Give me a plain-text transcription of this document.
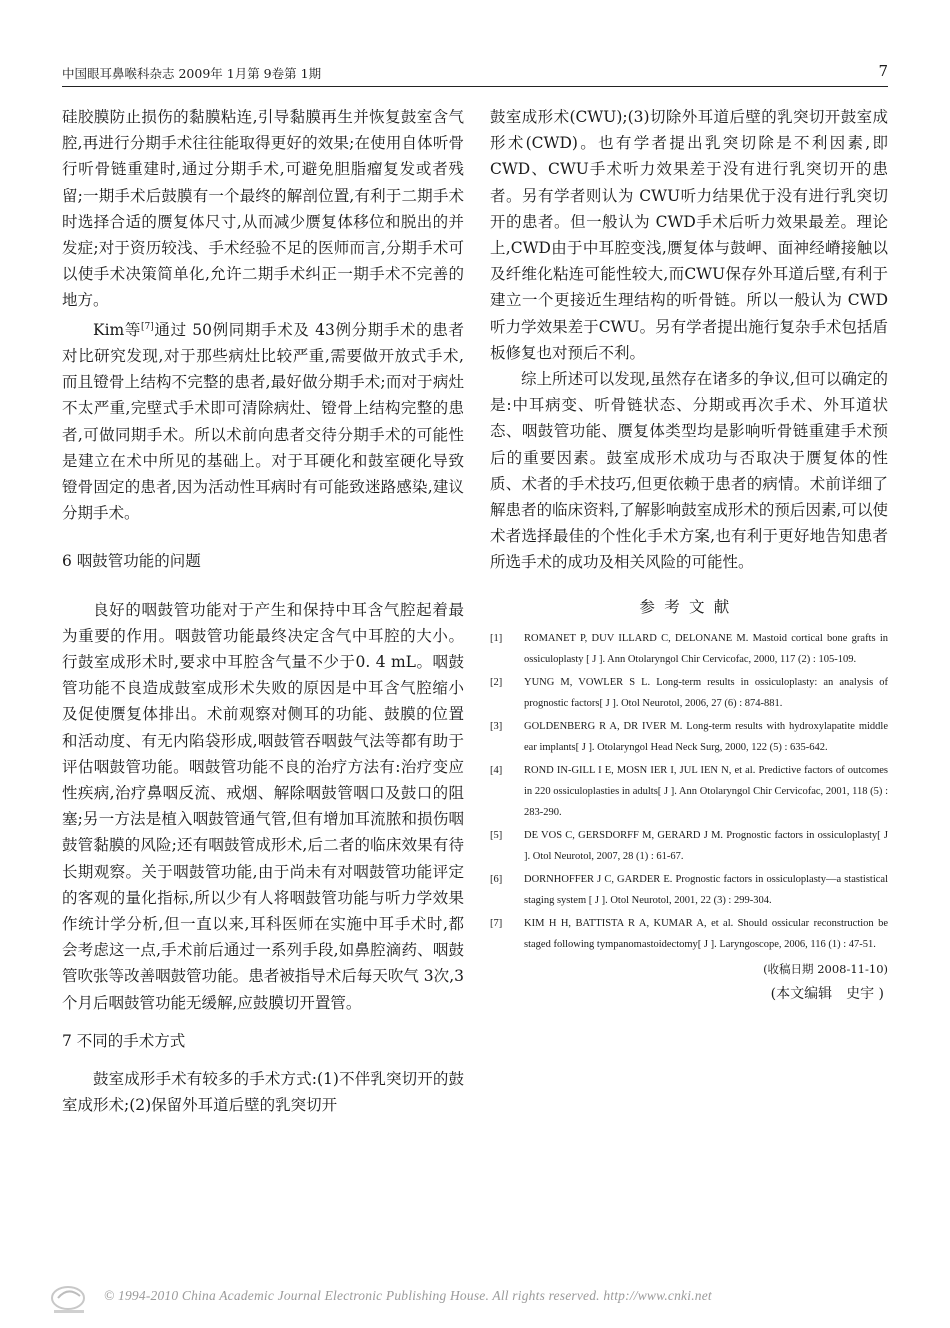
中国眼耳鼻喉科杂志 2009年 1月第 9卷第 1期	7

硅胶膜防止损伤的黏膜粘连,引导黏膜再生并恢复鼓室含气腔,再进行分期手术往往能取得更好的效果;在使用自体听骨行听骨链重建时,通过分期手术,可避免胆脂瘤复发或者残留;一期手术后鼓膜有一个最终的解剖位置,有利于二期手术时选择合适的赝复体尺寸,从而减少赝复体移位和脱出的并发症;对于资历较浅、手术经验不足的医师而言,分期手术可以使手术决策简单化,允许二期手术纠正一期手术不完善的地方。

Kim等[7]通过 50例同期手术及 43例分期手术的患者对比研究发现,对于那些病灶比较严重,需要做开放式手术,而且镫骨上结构不完整的患者,最好做分期手术;而对于病灶不太严重,完壁式手术即可清除病灶、镫骨上结构完整的患者,可做同期手术。所以术前向患者交待分期手术的可能性是建立在术中所见的基础上。对于耳硬化和鼓室硬化导致镫骨固定的患者,因为活动性耳病时有可能致迷路感染,建议分期手术。

6 咽鼓管功能的问题

良好的咽鼓管功能对于产生和保持中耳含气腔起着最为重要的作用。咽鼓管功能最终决定含气中耳腔的大小。行鼓室成形术时,要求中耳腔含气量不少于0. 4 mL。咽鼓管功能不良造成鼓室成形术失败的原因是中耳含气腔缩小及促使赝复体排出。术前观察对侧耳的功能、鼓膜的位置和活动度、有无内陷袋形成,咽鼓管吞咽鼓气法等都有助于评估咽鼓管功能。咽鼓管功能不良的治疗方法有:治疗变应性疾病,治疗鼻咽反流、戒烟、解除咽鼓管咽口及鼓口的阻塞;另一方法是植入咽鼓管通气管,但有增加耳流脓和损伤咽鼓管黏膜的风险;还有咽鼓管成形术,后二者的临床效果有待长期观察。关于咽鼓管功能,由于尚未有对咽鼓管功能评定的客观的量化指标,所以少有人将咽鼓管功能与听力学效果作统计学分析,但一直以来,耳科医师在实施中耳手术时,都会考虑这一点,手术前后通过一系列手段,如鼻腔滴药、咽鼓管吹张等改善咽鼓管功能。患者被指导术后每天吹气 3次,3个月后咽鼓管功能无缓解,应鼓膜切开置管。

7 不同的手术方式

鼓室成形手术有较多的手术方式:(1)不伴乳突切开的鼓室成形术;(2)保留外耳道后壁的乳突切开

鼓室成形术(CWU);(3)切除外耳道后壁的乳突切开鼓室成形术(CWD)。也有学者提出乳突切除是不利因素,即 CWD、CWU手术听力效果差于没有进行乳突切开的患者。另有学者则认为 CWU听力结果优于没有进行乳突切开的患者。但一般认为 CWD手术后听力效果最差。理论上,CWD由于中耳腔变浅,赝复体与鼓岬、面神经嵴接触以及纤维化粘连可能性较大,而CWU保存外耳道后壁,有利于建立一个更接近生理结构的听骨链。所以一般认为 CWD听力学效果差于CWU。另有学者提出施行复杂手术包括盾板修复也对预后不利。

综上所述可以发现,虽然存在诸多的争议,但可以确定的是:中耳病变、听骨链状态、分期或再次手术、外耳道状态、咽鼓管功能、赝复体类型均是影响听骨链重建手术预后的重要因素。鼓室成形术成功与否取决于赝复体的性质、术者的手术技巧,但更依赖于患者的病情。术前详细了解患者的临床资料,了解影响鼓室成形术的预后因素,可以使术者选择最佳的个性化手术方案,也有利于更好地告知患者所选手术的成功及相关风险的可能性。

参考文献
[1]	ROMANET P, DUV ILLARD C, DELONANE M. Mastoid cortical bone grafts in ossiculoplasty [ J ]. Ann Otolaryngol Chir Cervicofac, 2000, 117 (2) : 105-109.
[2]	YUNG M, VOWLER S L. Long-term results in ossiculoplasty: an analysis of prognostic factors[ J ]. Otol Neurotol, 2006, 27 (6) : 874-881.
[3]	GOLDENBERG R A, DR IVER M. Long-term results with hydroxylapatite middle ear implants[ J ]. Otolaryngol Head Neck Surg, 2000, 122 (5) : 635-642.
[4]	ROND IN-GILL I E, MOSN IER I, JUL IEN N, et al. Predictive factors of outcomes in 220 ossiculoplasties in adults[ J ]. Ann Otolaryngol Chir Cervicofac, 2001, 118 (5) : 283-290.
[5]	DE VOS C, GERSDORFF M, GERARD J M. Prognostic factors in ossiculoplasty[ J ]. Otol Neurotol, 2007, 28 (1) : 61-67.
[6]	DORNHOFFER J C, GARDER E. Prognostic factors in ossiculoplasty—a stastistical staging system [ J ]. Otol Neurotol, 2001, 22 (3) : 299-304.
[7]	KIM H H, BATTISTA R A, KUMAR A, et al. Should ossicular reconstruction be staged following tympanomastoidectomy[ J ]. Laryngoscope, 2006, 116 (1) : 47-51.
(收稿日期 2008-11-10)
(本文编辑 史宇 )
© 1994-2010 China Academic Journal Electronic Publishing House. All rights reserved. http://www.cnki.net
